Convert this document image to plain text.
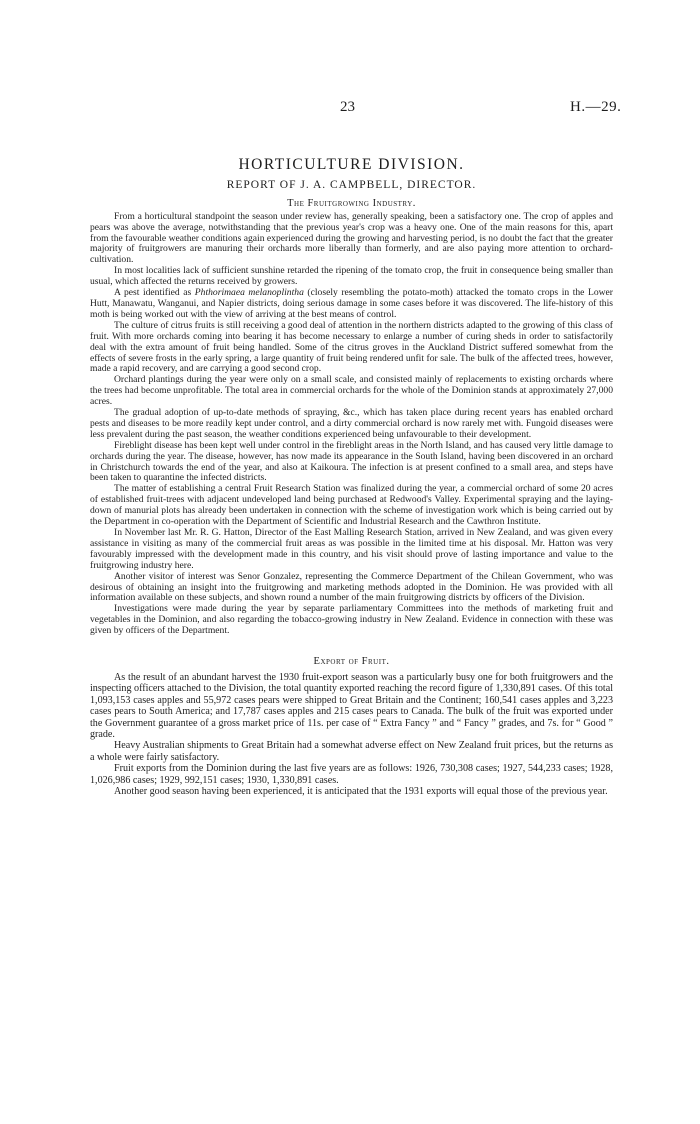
23	H.—29.
HORTICULTURE DIVISION.
REPORT OF J. A. CAMPBELL, DIRECTOR.
The Fruitgrowing Industry.

From a horticultural standpoint the season under review has, generally speaking, been a satisfactory one. The crop of apples and pears was above the average, notwithstanding that the previous year's crop was a heavy one. One of the main reasons for this, apart from the favourable weather conditions again experienced during the growing and harvesting period, is no doubt the fact that the greater majority of fruitgrowers are manuring their orchards more liberally than formerly, and are also paying more attention to orchard-cultivation.

In most localities lack of sufficient sunshine retarded the ripening of the tomato crop, the fruit in consequence being smaller than usual, which affected the returns received by growers.

A pest identified as Phthorimaea melanoplintha (closely resembling the potato-moth) attacked the tomato crops in the Lower Hutt, Manawatu, Wanganui, and Napier districts, doing serious damage in some cases before it was discovered. The life-history of this moth is being worked out with the view of arriving at the best means of control.

The culture of citrus fruits is still receiving a good deal of attention in the northern districts adapted to the growing of this class of fruit. With more orchards coming into bearing it has become necessary to enlarge a number of curing sheds in order to satisfactorily deal with the extra amount of fruit being handled. Some of the citrus groves in the Auckland District suffered somewhat from the effects of severe frosts in the early spring, a large quantity of fruit being rendered unfit for sale. The bulk of the affected trees, however, made a rapid recovery, and are carrying a good second crop.

Orchard plantings during the year were only on a small scale, and consisted mainly of replacements to existing orchards where the trees had become unprofitable. The total area in commercial orchards for the whole of the Dominion stands at approximately 27,000 acres.

The gradual adoption of up-to-date methods of spraying, &c., which has taken place during recent years has enabled orchard pests and diseases to be more readily kept under control, and a dirty commercial orchard is now rarely met with. Fungoid diseases were less prevalent during the past season, the weather conditions experienced being unfavourable to their development.

Fireblight disease has been kept well under control in the fireblight areas in the North Island, and has caused very little damage to orchards during the year. The disease, however, has now made its appearance in the South Island, having been discovered in an orchard in Christchurch towards the end of the year, and also at Kaikoura. The infection is at present confined to a small area, and steps have been taken to quarantine the infected districts.

The matter of establishing a central Fruit Research Station was finalized during the year, a commercial orchard of some 20 acres of established fruit-trees with adjacent undeveloped land being purchased at Redwood's Valley. Experimental spraying and the laying-down of manurial plots has already been undertaken in connection with the scheme of investigation work which is being carried out by the Department in co-operation with the Department of Scientific and Industrial Research and the Cawthron Institute.

In November last Mr. R. G. Hatton, Director of the East Malling Research Station, arrived in New Zealand, and was given every assistance in visiting as many of the commercial fruit areas as was possible in the limited time at his disposal. Mr. Hatton was very favourably impressed with the development made in this country, and his visit should prove of lasting importance and value to the fruitgrowing industry here.

Another visitor of interest was Senor Gonzalez, representing the Commerce Department of the Chilean Government, who was desirous of obtaining an insight into the fruitgrowing and marketing methods adopted in the Dominion. He was provided with all information available on these subjects, and shown round a number of the main fruitgrowing districts by officers of the Division.

Investigations were made during the year by separate parliamentary Committees into the methods of marketing fruit and vegetables in the Dominion, and also regarding the tobacco-growing industry in New Zealand. Evidence in connection with these was given by officers of the Department.

Export of Fruit.

As the result of an abundant harvest the 1930 fruit-export season was a particularly busy one for both fruitgrowers and the inspecting officers attached to the Division, the total quantity exported reaching the record figure of 1,330,891 cases. Of this total 1,093,153 cases apples and 55,972 cases pears were shipped to Great Britain and the Continent; 160,541 cases apples and 3,223 cases pears to South America; and 17,787 cases apples and 215 cases pears to Canada. The bulk of the fruit was exported under the Government guarantee of a gross market price of 11s. per case of “ Extra Fancy ” and “ Fancy ” grades, and 7s. for “ Good ” grade.

Heavy Australian shipments to Great Britain had a somewhat adverse effect on New Zealand fruit prices, but the returns as a whole were fairly satisfactory.

Fruit exports from the Dominion during the last five years are as follows: 1926, 730,308 cases; 1927, 544,233 cases; 1928, 1,026,986 cases; 1929, 992,151 cases; 1930, 1,330,891 cases.

Another good season having been experienced, it is anticipated that the 1931 exports will equal those of the previous year.
